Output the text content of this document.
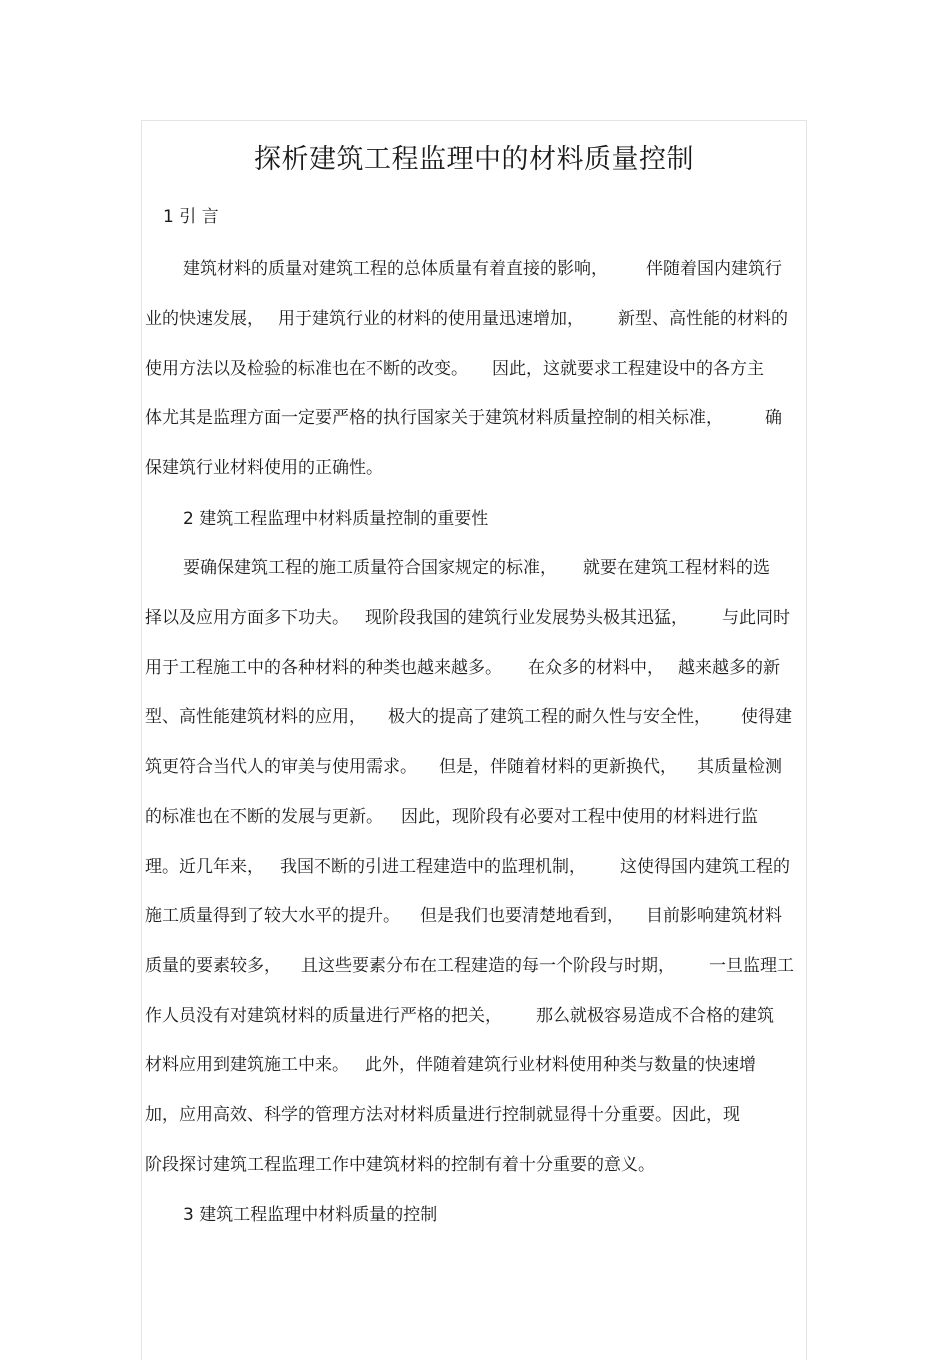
探析建筑工程监理中的材料质量控制
1 引 言
建筑材料的质量对建筑工程的总体质量有着直接的影响， 伴随着国内建筑行
业的快速发展， 用于建筑行业的材料的使用量迅速增加， 新型、高性能的材料的
使用方法以及检验的标准也在不断的改变。 因此，这就要求工程建设中的各方主
体尤其是监理方面一定要严格的执行国家关于建筑材料质量控制的相关标准， 确
保建筑行业材料使用的正确性。
2 建筑工程监理中材料质量控制的重要性
要确保建筑工程的施工质量符合国家规定的标准， 就要在建筑工程材料的选
择以及应用方面多下功夫。 现阶段我国的建筑行业发展势头极其迅猛， 与此同时
用于工程施工中的各种材料的种类也越来越多。 在众多的材料中， 越来越多的新
型、高性能建筑材料的应用， 极大的提高了建筑工程的耐久性与安全性， 使得建
筑更符合当代人的审美与使用需求。 但是，伴随着材料的更新换代， 其质量检测
的标准也在不断的发展与更新。 因此，现阶段有必要对工程中使用的材料进行监
理。近几年来， 我国不断的引进工程建造中的监理机制， 这使得国内建筑工程的
施工质量得到了较大水平的提升。 但是我们也要清楚地看到， 目前影响建筑材料
质量的要素较多， 且这些要素分布在工程建造的每一个阶段与时期， 一旦监理工
作人员没有对建筑材料的质量进行严格的把关， 那么就极容易造成不合格的建筑
材料应用到建筑施工中来。 此外，伴随着建筑行业材料使用种类与数量的快速增
加，应用高效、科学的管理方法对材料质量进行控制就显得十分重要。因此，现
阶段探讨建筑工程监理工作中建筑材料的控制有着十分重要的意义。
3 建筑工程监理中材料质量的控制
